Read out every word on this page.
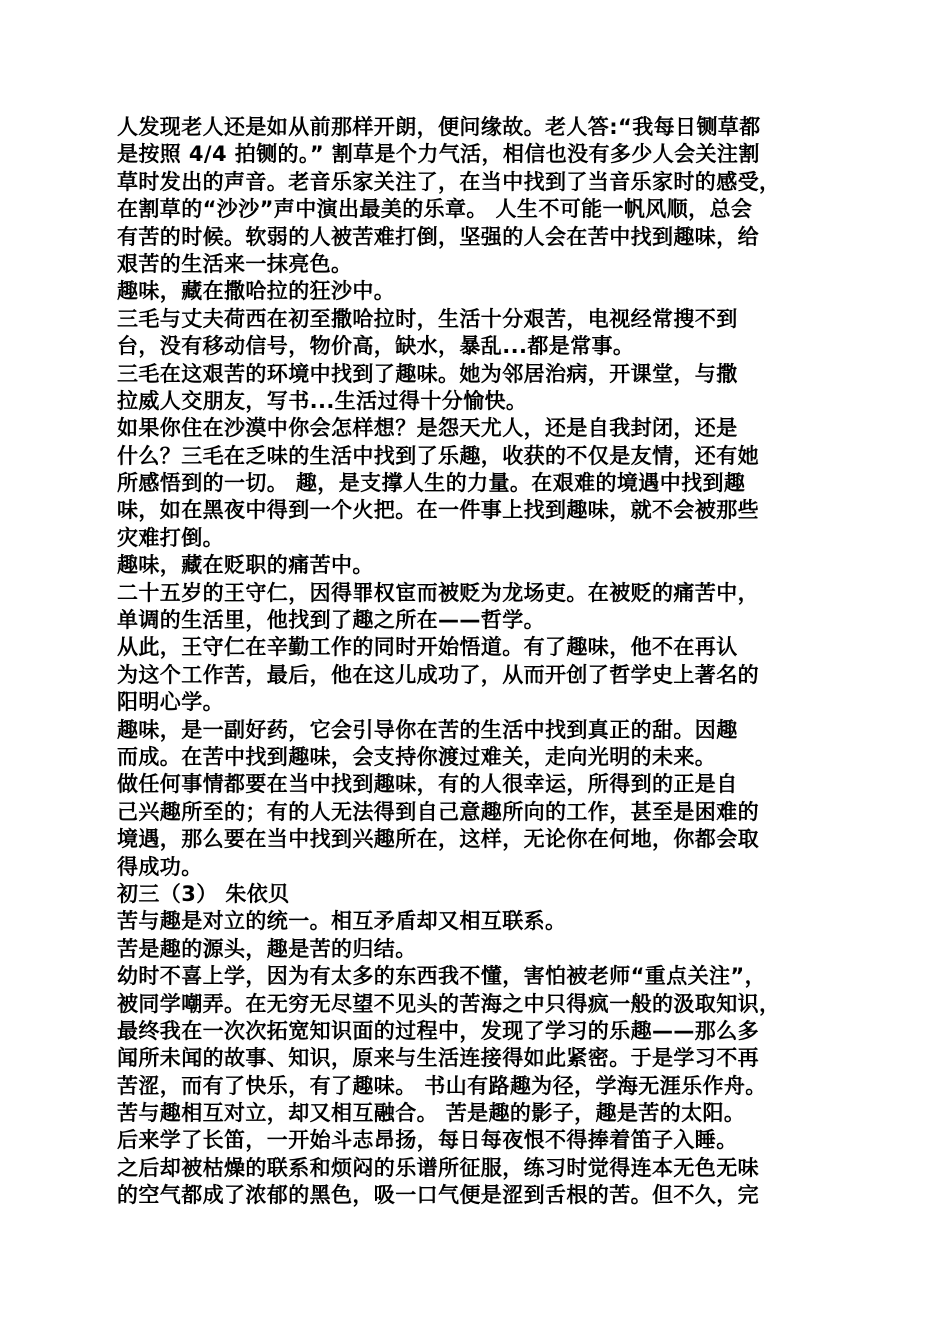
人发现老人还是如从前那样开朗，便问缘故。老人答:“我每日铡草都
是按照 4/4 拍铡的。” 割草是个力气活，相信也没有多少人会关注割
草时发出的声音。老音乐家关注了，在当中找到了当音乐家时的感受，
在割草的“沙沙”声中演出最美的乐章。 人生不可能一帆风顺，总会
有苦的时候。软弱的人被苦难打倒，坚强的人会在苦中找到趣味，给
艰苦的生活来一抹亮色。
趣味，藏在撒哈拉的狂沙中。
三毛与丈夫荷西在初至撒哈拉时，生活十分艰苦，电视经常搜不到
台，没有移动信号，物价高，缺水，暴乱...都是常事。
三毛在这艰苦的环境中找到了趣味。她为邻居治病，开课堂，与撒
拉威人交朋友，写书...生活过得十分愉快。
如果你住在沙漠中你会怎样想？是怨天尤人，还是自我封闭，还是
什么？三毛在乏味的生活中找到了乐趣，收获的不仅是友情，还有她
所感悟到的一切。 趣，是支撑人生的力量。在艰难的境遇中找到趣
味，如在黑夜中得到一个火把。在一件事上找到趣味，就不会被那些
灾难打倒。
趣味，藏在贬职的痛苦中。
二十五岁的王守仁，因得罪权宦而被贬为龙场吏。在被贬的痛苦中，
单调的生活里，他找到了趣之所在——哲学。
从此，王守仁在辛勤工作的同时开始悟道。有了趣味，他不在再认
为这个工作苦，最后，他在这儿成功了，从而开创了哲学史上著名的
阳明心学。
趣味，是一副好药，它会引导你在苦的生活中找到真正的甜。因趣
而成。在苦中找到趣味，会支持你渡过难关，走向光明的未来。
做任何事情都要在当中找到趣味，有的人很幸运，所得到的正是自
己兴趣所至的；有的人无法得到自己意趣所向的工作，甚至是困难的
境遇，那么要在当中找到兴趣所在，这样，无论你在何地，你都会取
得成功。
初三（3） 朱依贝
苦与趣是对立的统一。相互矛盾却又相互联系。
苦是趣的源头，趣是苦的归结。
幼时不喜上学，因为有太多的东西我不懂，害怕被老师“重点关注”，
被同学嘲弄。在无穷无尽望不见头的苦海之中只得疯一般的汲取知识，
最终我在一次次拓宽知识面的过程中，发现了学习的乐趣——那么多
闻所未闻的故事、知识，原来与生活连接得如此紧密。于是学习不再
苦涩，而有了快乐，有了趣味。 书山有路趣为径，学海无涯乐作舟。
苦与趣相互对立，却又相互融合。 苦是趣的影子，趣是苦的太阳。
后来学了长笛，一开始斗志昂扬，每日每夜恨不得捧着笛子入睡。
之后却被枯燥的联系和烦闷的乐谱所征服，练习时觉得连本无色无味
的空气都成了浓郁的黑色，吸一口气便是涩到舌根的苦。但不久，完
